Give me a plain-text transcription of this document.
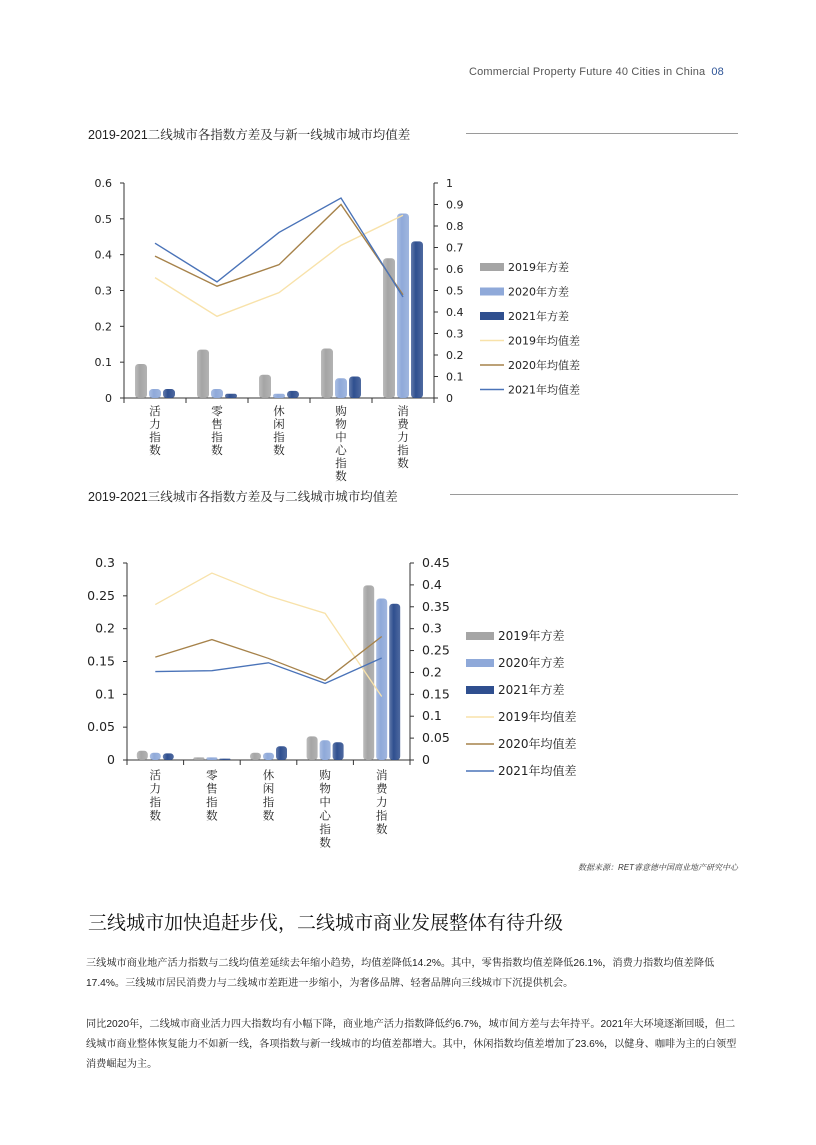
Commercial Property Future 40 Cities in China 08
2019-2021二线城市各指数方差及与新一线城市城市均值差
0
0.1
0.2
0.3
0.4
0.5
0.6
0
0.1
0.2
0.3
0.4
0.5
0.6
0.7
0.8
0.9
1
活
力
指
数
零
售
指
数
休
闲
指
数
购
物
中
心
指
数
消
费
力
指
数
2019年方差
2020年方差
2021年方差
2019年均值差
2020年均值差
2021年均值差
2019-2021三线城市各指数方差及与二线城市城市均值差
0
0.05
0.1
0.15
0.2
0.25
0.3
0
0.05
0.1
0.15
0.2
0.25
0.3
0.35
0.4
0.45
活
力
指
数
零
售
指
数
休
闲
指
数
购
物
中
心
指
数
消
费
力
指
数
2019年方差
2020年方差
2021年方差
2019年均值差
2020年均值差
2021年均值差
数据来源：RET睿意德中国商业地产研究中心
三线城市加快追赶步伐，二线城市商业发展整体有待升级

三线城市商业地产活力指数与二线均值差延续去年缩小趋势，均值差降低14.2%。其中，零售指数均值差降低26.1%，消费力指数均值差降低17.4%。三线城市居民消费力与二线城市差距进一步缩小，为奢侈品牌、轻奢品牌向三线城市下沉提供机会。

同比2020年，二线城市商业活力四大指数均有小幅下降，商业地产活力指数降低约6.7%，城市间方差与去年持平。2021年大环境逐渐回暖，但二线城市商业整体恢复能力不如新一线，各项指数与新一线城市的均值差都增大。其中，休闲指数均值差增加了23.6%，以健身、咖啡为主的白领型消费崛起为主。
